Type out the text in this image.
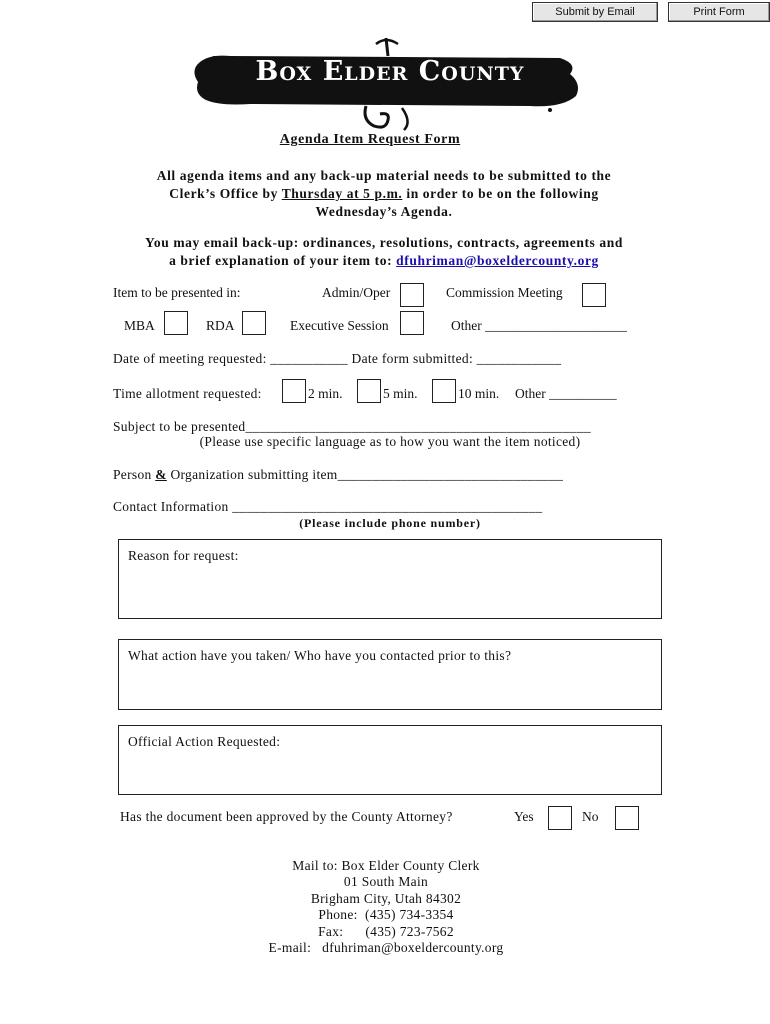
Submit by Email	Print Form
Box Elder County
Agenda Item Request Form
All agenda items and any back-up material needs to be submitted to the
Clerk’s Office by Thursday at 5 p.m. in order to be on the following
Wednesday’s Agenda.
You may email back-up: ordinances, resolutions, contracts, agreements and
a brief explanation of your item to: dfuhriman@boxeldercounty.org
Item to be presented in:	Admin/Oper	Commission Meeting
MBA	RDA	Executive Session	Other _____________________
Date of meeting requested: ___________ Date form submitted: ____________
Time allotment requested:	2 min.	5 min.	10 min. Other __________
Subject to be presented_________________________________________________
(Please use specific language as to how you want the item noticed)
Person & Organization submitting item________________________________
Contact Information ____________________________________________
(Please include phone number)
Reason for request:
What action have you taken/ Who have you contacted prior to this?
Official Action Requested:
Has the document been approved by the County Attorney?	Yes	No
Mail to: Box Elder County Clerk
01 South Main
Brigham City, Utah 84302
Phone:  (435) 734-3354
Fax:      (435) 723-7562
E-mail:   dfuhriman@boxeldercounty.org
